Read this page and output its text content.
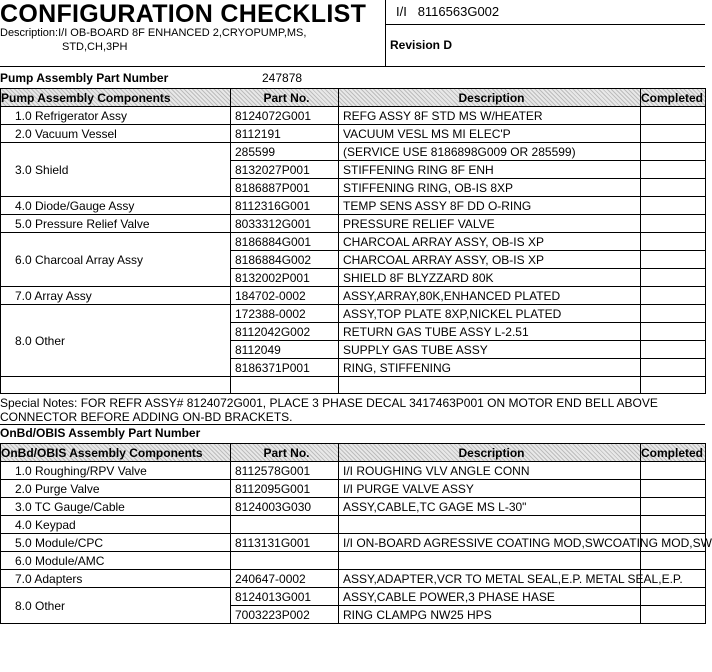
CONFIGURATION CHECKLIST I/I 8116563G002
Description:I/I OB-BOARD 8F ENHANCED 2,CRYOPUMP,MS,
STD,CH,3PH	Revision D
Pump Assembly Part Number	247878
Pump Assembly Components	Part No.	Description	Completed
1.0 Refrigerator Assy	8124072G001	REFG ASSY 8F STD MS W/HEATER	
2.0 Vacuum Vessel	8112191	VACUUM VESL MS MI ELEC'P	
3.0 Shield	285599	(SERVICE USE 8186898G009 OR 285599)	
	8132027P001	STIFFENING RING 8F ENH	
	8186887P001	STIFFENING RING, OB-IS 8XP	
4.0 Diode/Gauge Assy	8112316G001	TEMP SENS ASSY 8F DD O-RING	
5.0 Pressure Relief Valve	8033312G001	PRESSURE RELIEF VALVE	
6.0 Charcoal Array Assy	8186884G001	CHARCOAL ARRAY ASSY, OB-IS XP	
	8186884G002	CHARCOAL ARRAY ASSY, OB-IS XP	
	8132002P001	SHIELD 8F BLYZZARD 80K	
7.0 Array Assy	184702-0002	ASSY,ARRAY,80K,ENHANCED PLATED	
8.0 Other	172388-0002	ASSY,TOP PLATE 8XP,NICKEL PLATED	
	8112042G002	RETURN GAS TUBE ASSY L-2.51	
	8112049	SUPPLY GAS TUBE ASSY	
	8186371P001	RING, STIFFENING	

Special Notes: FOR REFR ASSY# 8124072G001, PLACE 3 PHASE DECAL 3417463P001 ON MOTOR END BELL ABOVE
CONNECTOR BEFORE ADDING ON-BD BRACKETS.
OnBd/OBIS Assembly Part Number
OnBd/OBIS Assembly Components	Part No.	Description	Completed
1.0 Roughing/RPV Valve	8112578G001	I/I ROUGHING VLV ANGLE CONN	
2.0 Purge Valve	8112095G001	I/I PURGE VALVE ASSY	
3.0 TC Gauge/Cable	8124003G030	ASSY,CABLE,TC GAGE MS L-30"	
4.0 Keypad			
5.0 Module/CPC	8113131G001	I/I ON-BOARD AGRESSIVE COATING MOD,SWCOATING MOD,SW	
6.0 Module/AMC			
7.0 Adapters	240647-0002	ASSY,ADAPTER,VCR TO METAL SEAL,E.P. METAL SEAL,E.P.	
8.0 Other	8124013G001	ASSY,CABLE POWER,3 PHASE HASE	
	7003223P002	RING CLAMPG NW25 HPS	
